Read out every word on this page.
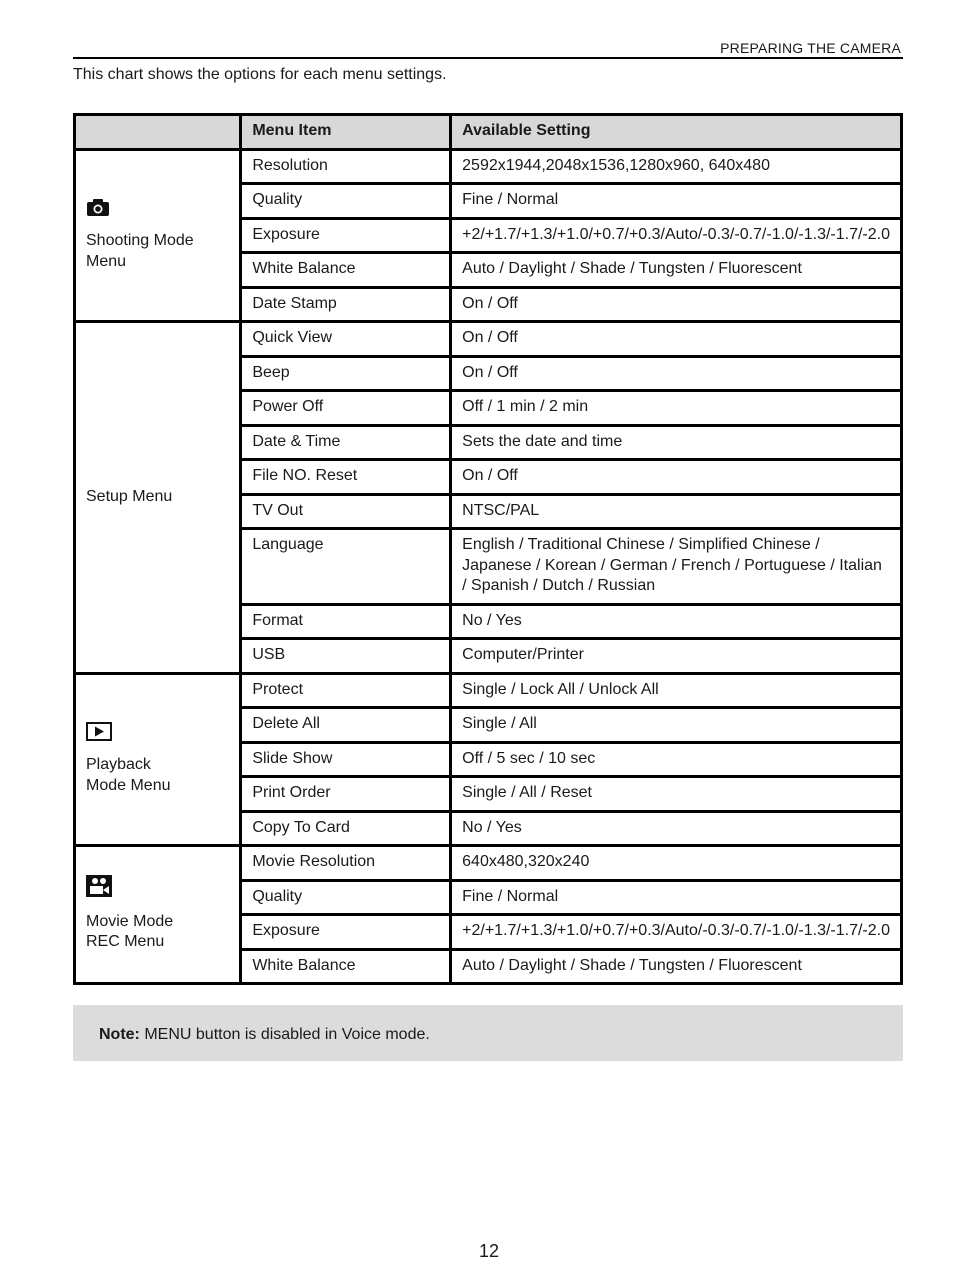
PREPARING THE CAMERA
This chart shows the options for each menu settings.
	Menu Item	Available Setting

Shooting Mode
Menu	Resolution	2592x1944,2048x1536,1280x960, 640x480
	Quality	Fine / Normal
	Exposure	+2/+1.7/+1.3/+1.0/+0.7/+0.3/Auto/-0.3/-0.7/-1.0/-1.3/-1.7/-2.0
	White Balance	Auto / Daylight / Shade / Tungsten / Fluorescent
	Date Stamp	On / Off
Setup Menu	Quick View	On / Off
	Beep	On / Off
	Power Off	Off / 1 min / 2 min
	Date & Time	Sets the date and time
	File NO. Reset	On / Off
	TV Out	NTSC/PAL
	Language	English / Traditional Chinese / Simplified Chinese / Japanese / Korean / German / French / Portuguese / Italian / Spanish / Dutch / Russian
	Format	No / Yes
	USB	Computer/Printer

Playback
Mode Menu	Protect	Single / Lock All / Unlock All
	Delete All	Single / All
	Slide Show	Off / 5 sec / 10 sec
	Print Order	Single / All / Reset
	Copy To Card	No / Yes

Movie Mode
REC Menu	Movie Resolution	640x480,320x240
	Quality	Fine / Normal
	Exposure	+2/+1.7/+1.3/+1.0/+0.7/+0.3/Auto/-0.3/-0.7/-1.0/-1.3/-1.7/-2.0
	White Balance	Auto / Daylight / Shade / Tungsten / Fluorescent
Note: MENU button is disabled in Voice mode.
12
